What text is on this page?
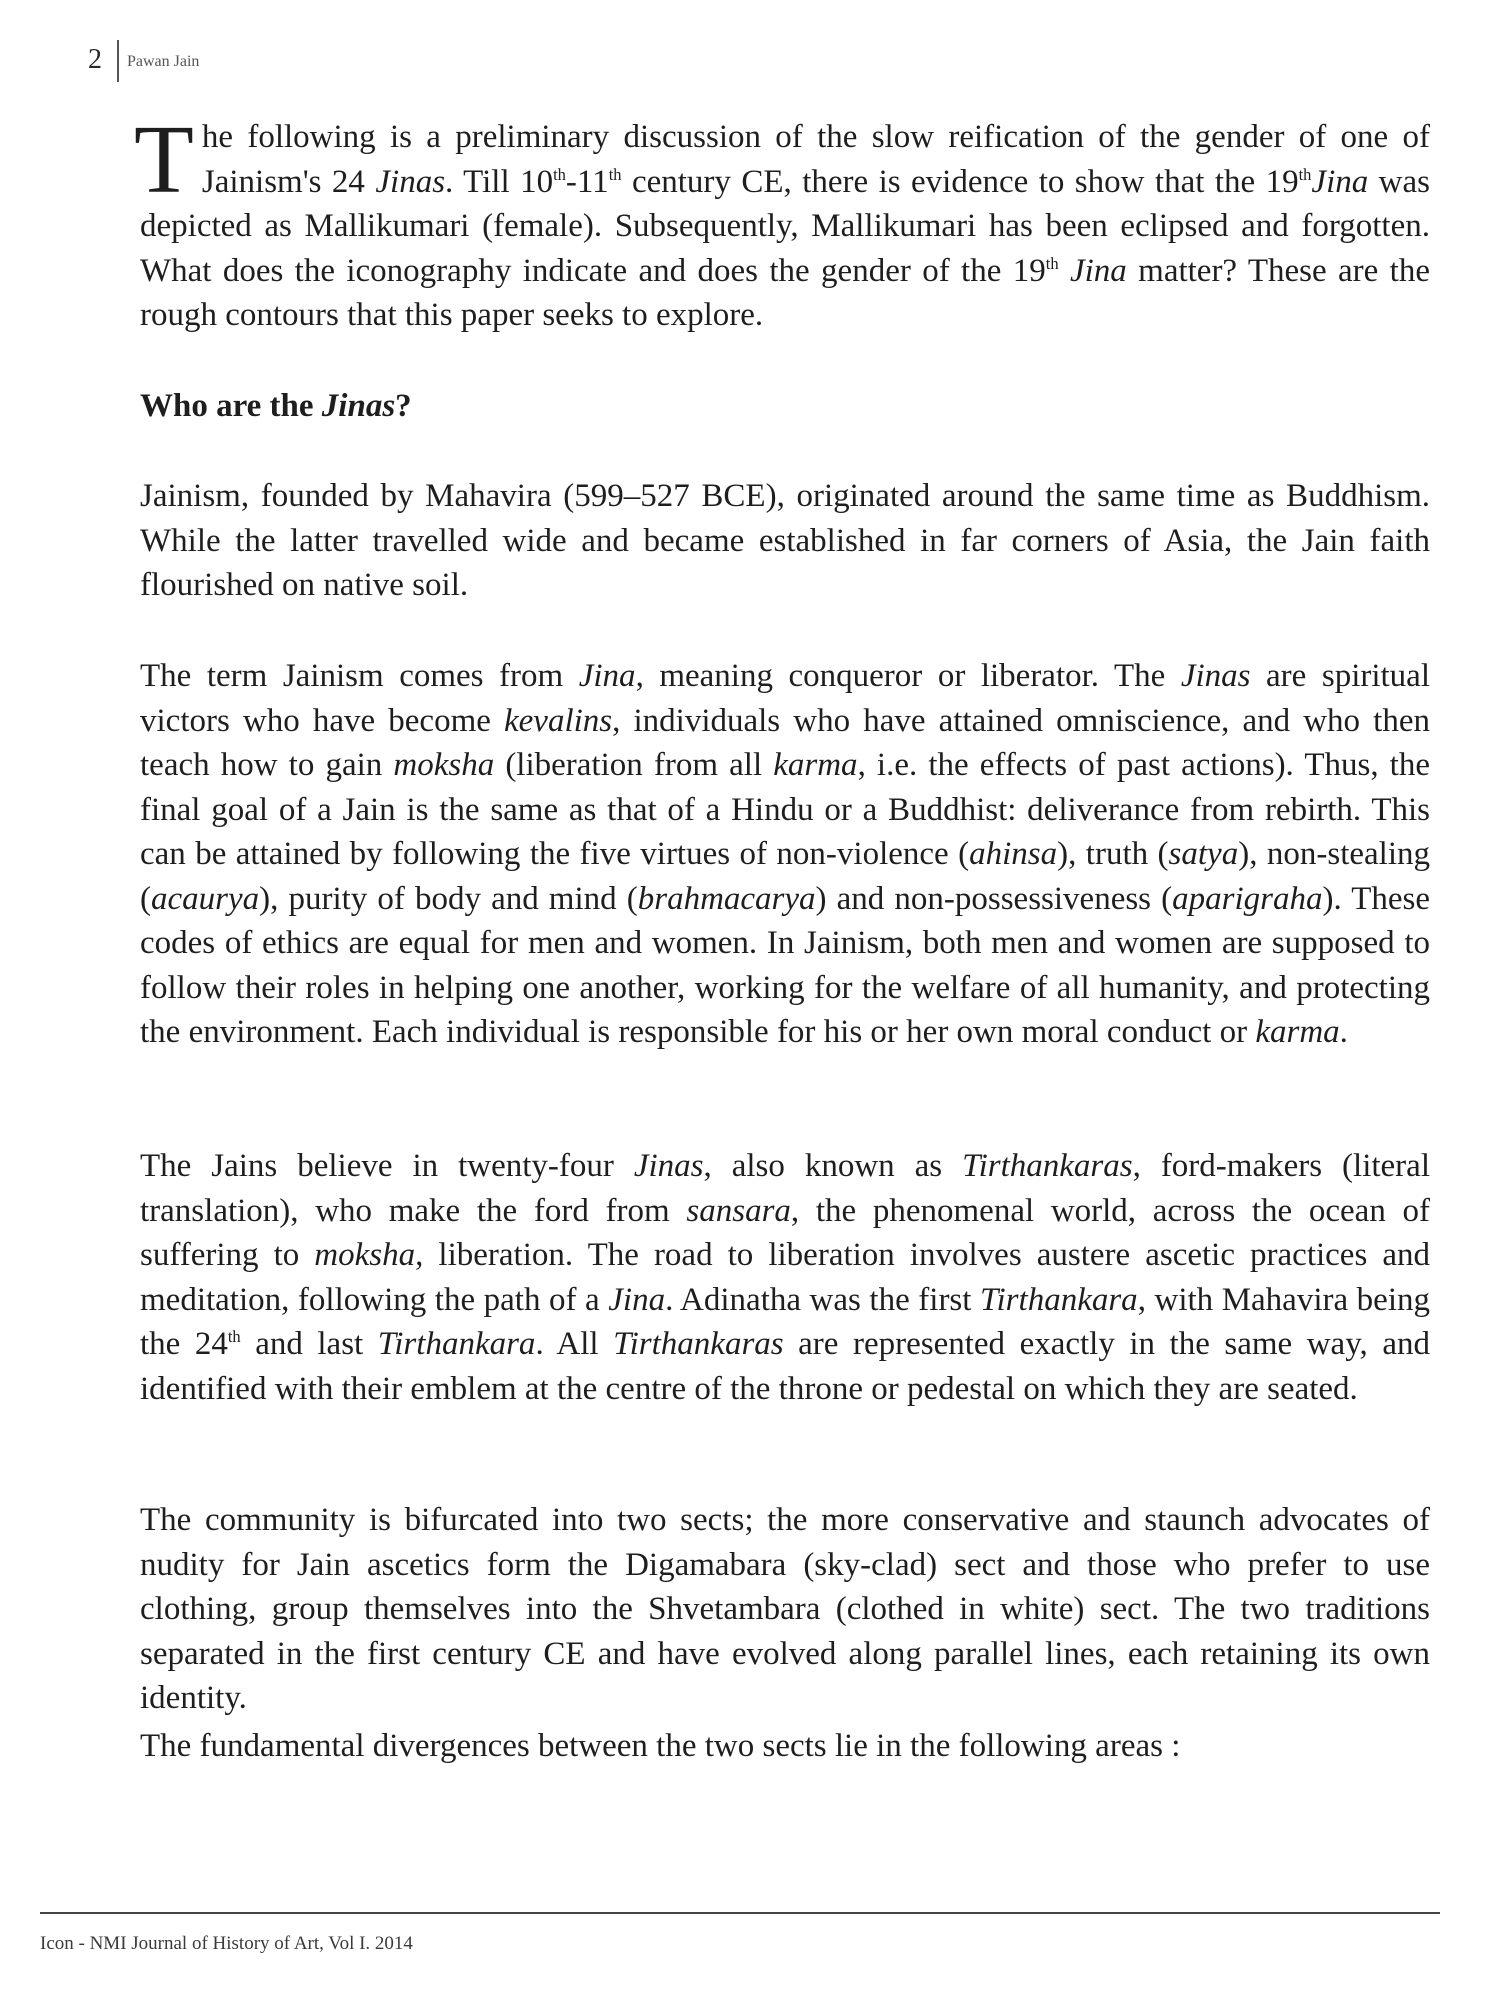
2 Pawan Jain

The following is a preliminary discussion of the slow reification of the gender of one of Jainism's 24 Jinas. Till 10th-11th century CE, there is evidence to show that the 19thJina was depicted as Mallikumari (female). Subsequently, Mallikumari has been eclipsed and forgotten. What does the iconography indicate and does the gender of the 19th Jina matter? These are the rough contours that this paper seeks to explore.

Who are the Jinas?

Jainism, founded by Mahavira (599–527 BCE), originated around the same time as Buddhism. While the latter travelled wide and became established in far corners of Asia, the Jain faith flourished on native soil.

The term Jainism comes from Jina, meaning conqueror or liberator. The Jinas are spiritual victors who have become kevalins, individuals who have attained omniscience, and who then teach how to gain moksha (liberation from all karma, i.e. the effects of past actions). Thus, the final goal of a Jain is the same as that of a Hindu or a Buddhist: deliverance from rebirth. This can be attained by following the five virtues of non-violence (ahinsa), truth (satya), non-stealing (acaurya), purity of body and mind (brahmacarya) and non-possessiveness (aparigraha). These codes of ethics are equal for men and women. In Jainism, both men and women are supposed to follow their roles in helping one another, working for the welfare of all humanity, and protecting the environment. Each individual is responsible for his or her own moral conduct or karma.

The Jains believe in twenty-four Jinas, also known as Tirthankaras, ford-makers (literal translation), who make the ford from sansara, the phenomenal world, across the ocean of suffering to moksha, liberation. The road to liberation involves austere ascetic practices and meditation, following the path of a Jina. Adinatha was the first Tirthankara, with Mahavira being the 24th and last Tirthankara. All Tirthankaras are represented exactly in the same way, and identified with their emblem at the centre of the throne or pedestal on which they are seated.

The community is bifurcated into two sects; the more conservative and staunch advocates of nudity for Jain ascetics form the Digamabara (sky-clad) sect and those who prefer to use clothing, group themselves into the Shvetambara (clothed in white) sect. The two traditions separated in the first century CE and have evolved along parallel lines, each retaining its own identity.

The fundamental divergences between the two sects lie in the following areas :

Icon - NMI Journal of History of Art, Vol I. 2014
